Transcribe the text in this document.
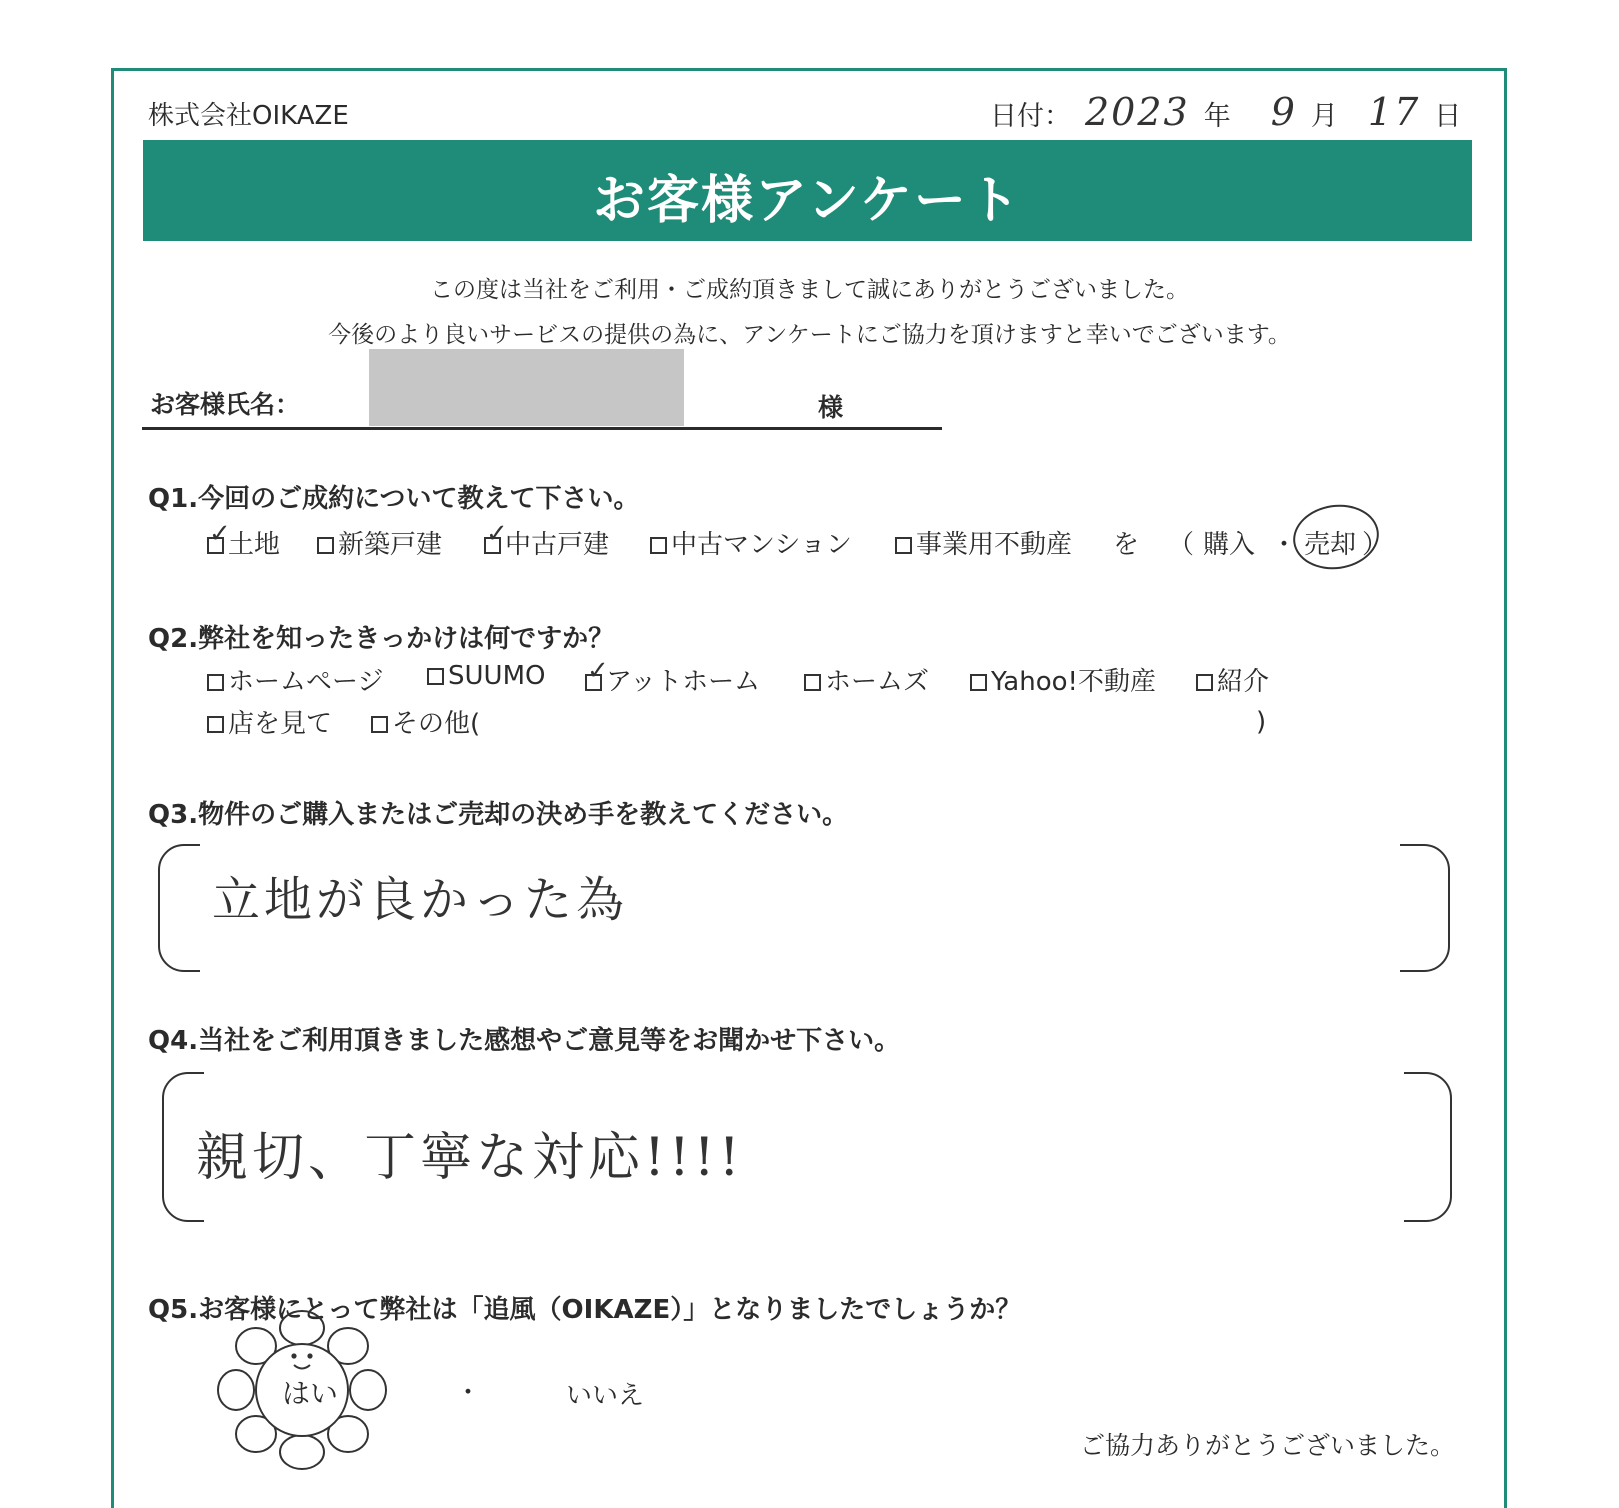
株式会社OIKAZE	日付： 2023 年 9 月 17 日
お客様アンケート
この度は当社をご利用・ご成約頂きまして誠にありがとうございました。
今後のより良いサービスの提供の為に、アンケートにご協力を頂けますと幸いでございます。
お客様氏名：	様
Q1.今回のご成約について教えて下さい。
✓土地	新築戸建 ✓	中古戸建	中古マンション	事業用不動産 を （ 購入 ・ 売却 ）
Q2.弊社を知ったきっかけは何ですか？
ホームページ	SUUMO ✓	アットホーム	ホームズ	Yahoo!不動産	紹介
店を見て	その他(	)
Q3.物件のご購入またはご売却の決め手を教えてください。
立地が良かった為
Q4.当社をご利用頂きました感想やご意見等をお聞かせ下さい。
親切、丁寧な対応!!!!
Q5.お客様にとって弊社は「追風（OIKAZE）」となりましたでしょうか？
はい	・	いいえ
ご協力ありがとうございました。
